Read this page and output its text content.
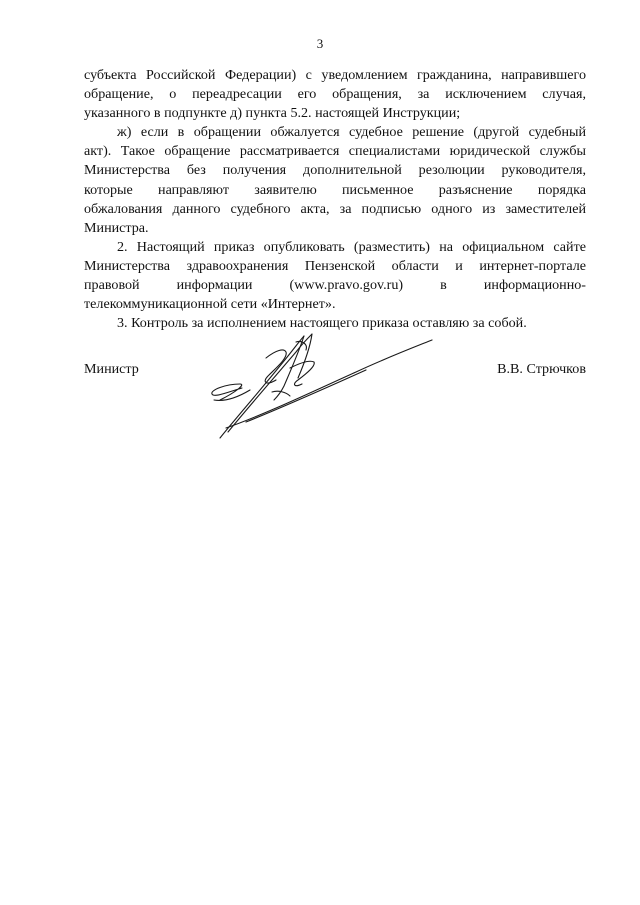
3
субъекта Российской Федерации) с уведомлением гражданина, направившего
обращение, о переадресации его обращения, за исключением случая,
указанного в подпункте д) пункта 5.2. настоящей Инструкции;
ж) если в обращении обжалуется судебное решение (другой судебный
акт). Такое обращение рассматривается специалистами юридической службы
Министерства без получения дополнительной резолюции руководителя,
которые направляют заявителю письменное разъяснение порядка
обжалования данного судебного акта, за подписью одного из заместителей
Министра.
2. Настоящий приказ опубликовать (разместить) на официальном сайте
Министерства здравоохранения Пензенской области и интернет-портале
правовой информации (www.pravo.gov.ru) в информационно-
телекоммуникационной сети «Интернет».
3. Контроль за исполнением настоящего приказа оставляю за собой.
Министр	В.В. Стрючков
